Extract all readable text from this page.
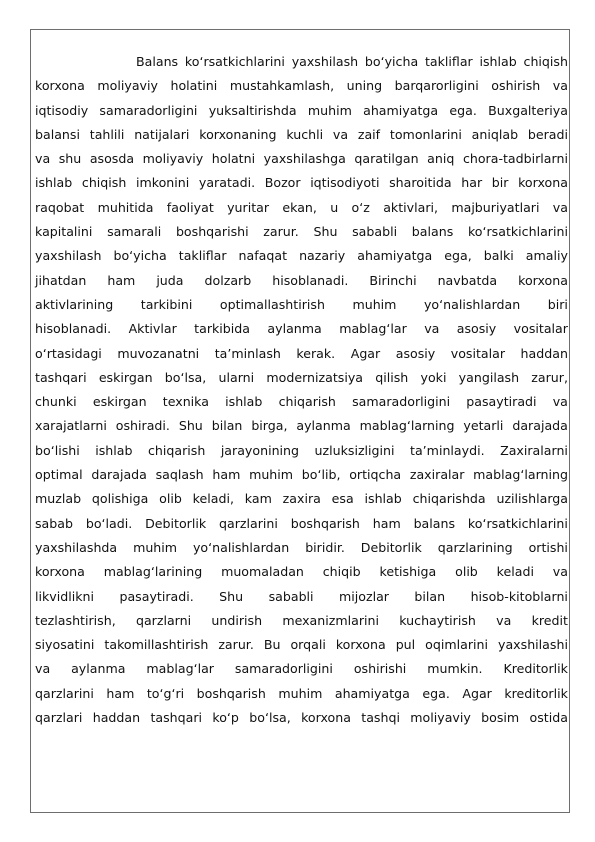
Balans ko‘rsatkichlarini yaxshilash bo‘yicha takliflar ishlab chiqish
korxona moliyaviy holatini mustahkamlash, uning barqarorligini oshirish va
iqtisodiy samaradorligini yuksaltirishda muhim ahamiyatga ega. Buxgalteriya
balansi tahlili natijalari korxonaning kuchli va zaif tomonlarini aniqlab beradi
va shu asosda moliyaviy holatni yaxshilashga qaratilgan aniq chora-tadbirlarni
ishlab chiqish imkonini yaratadi. Bozor iqtisodiyoti sharoitida har bir korxona
raqobat muhitida faoliyat yuritar ekan, u o‘z aktivlari, majburiyatlari va
kapitalini samarali boshqarishi zarur. Shu sababli balans ko‘rsatkichlarini
yaxshilash bo‘yicha takliflar nafaqat nazariy ahamiyatga ega, balki amaliy
jihatdan ham juda dolzarb hisoblanadi. Birinchi navbatda korxona
aktivlarining tarkibini optimallashtirish muhim yo‘nalishlardan biri
hisoblanadi. Aktivlar tarkibida aylanma mablag‘lar va asosiy vositalar
o‘rtasidagi muvozanatni ta’minlash kerak. Agar asosiy vositalar haddan
tashqari eskirgan bo‘lsa, ularni modernizatsiya qilish yoki yangilash zarur,
chunki eskirgan texnika ishlab chiqarish samaradorligini pasaytiradi va
xarajatlarni oshiradi. Shu bilan birga, aylanma mablag‘larning yetarli darajada
bo‘lishi ishlab chiqarish jarayonining uzluksizligini ta’minlaydi. Zaxiralarni
optimal darajada saqlash ham muhim bo‘lib, ortiqcha zaxiralar mablag‘larning
muzlab qolishiga olib keladi, kam zaxira esa ishlab chiqarishda uzilishlarga
sabab bo‘ladi. Debitorlik qarzlarini boshqarish ham balans ko‘rsatkichlarini
yaxshilashda muhim yo‘nalishlardan biridir. Debitorlik qarzlarining ortishi
korxona mablag‘larining muomaladan chiqib ketishiga olib keladi va
likvidlikni pasaytiradi. Shu sababli mijozlar bilan hisob-kitoblarni
tezlashtirish, qarzlarni undirish mexanizmlarini kuchaytirish va kredit
siyosatini takomillashtirish zarur. Bu orqali korxona pul oqimlarini yaxshilashi
va aylanma mablag‘lar samaradorligini oshirishi mumkin. Kreditorlik
qarzlarini ham to‘g‘ri boshqarish muhim ahamiyatga ega. Agar kreditorlik
qarzlari haddan tashqari ko‘p bo‘lsa, korxona tashqi moliyaviy bosim ostida
